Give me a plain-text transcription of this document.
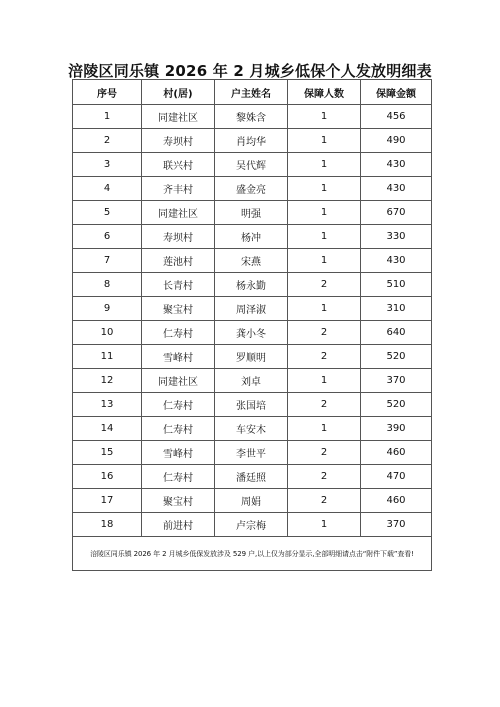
涪陵区同乐镇 2026 年 2 月城乡低保个人发放明细表
序号	村(居)	户主姓名	保障人数	保障金额
1	同建社区	黎姝含	1	456
2	寿坝村	肖均华	1	490
3	联兴村	吴代辉	1	430
4	齐丰村	盛金亮	1	430
5	同建社区	明强	1	670
6	寿坝村	杨冲	1	330
7	莲池村	宋燕	1	430
8	长青村	杨永勤	2	510
9	聚宝村	周泽淑	1	310
10	仁寿村	龚小冬	2	640
11	雪峰村	罗顺明	2	520
12	同建社区	刘卓	1	370
13	仁寿村	张国培	2	520
14	仁寿村	车安木	1	390
15	雪峰村	李世平	2	460
16	仁寿村	潘廷照	2	470
17	聚宝村	周娟	2	460
18	前进村	卢宗梅	1	370
涪陵区同乐镇 2026 年 2 月城乡低保发放涉及 529 户,以上仅为部分显示,全部明细请点击“附件下载”查看!				
